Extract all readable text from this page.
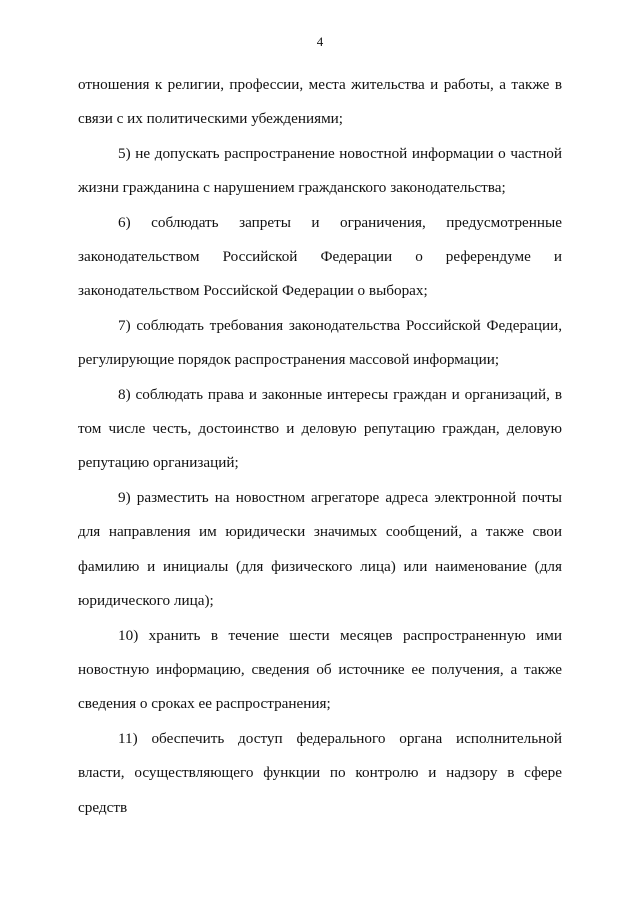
4

отношения к религии, профессии, места жительства и работы, а также в связи с их политическими убеждениями;

5) не допускать распространение новостной информации о частной жизни гражданина с нарушением гражданского законодательства;

6) соблюдать запреты и ограничения, предусмотренные законодательством Российской Федерации о референдуме и законодательством Российской Федерации о выборах;

7) соблюдать требования законодательства Российской Федерации, регулирующие порядок распространения массовой информации;

8) соблюдать права и законные интересы граждан и организаций, в том числе честь, достоинство и деловую репутацию граждан, деловую репутацию организаций;

9) разместить на новостном агрегаторе адреса электронной почты для направления им юридически значимых сообщений, а также свои фамилию и инициалы (для физического лица) или наименование (для юридического лица);

10) хранить в течение шести месяцев распространенную ими новостную информацию, сведения об источнике ее получения, а также сведения о сроках ее распространения;

11) обеспечить доступ федерального органа исполнительной власти, осуществляющего функции по контролю и надзору в сфере средств
